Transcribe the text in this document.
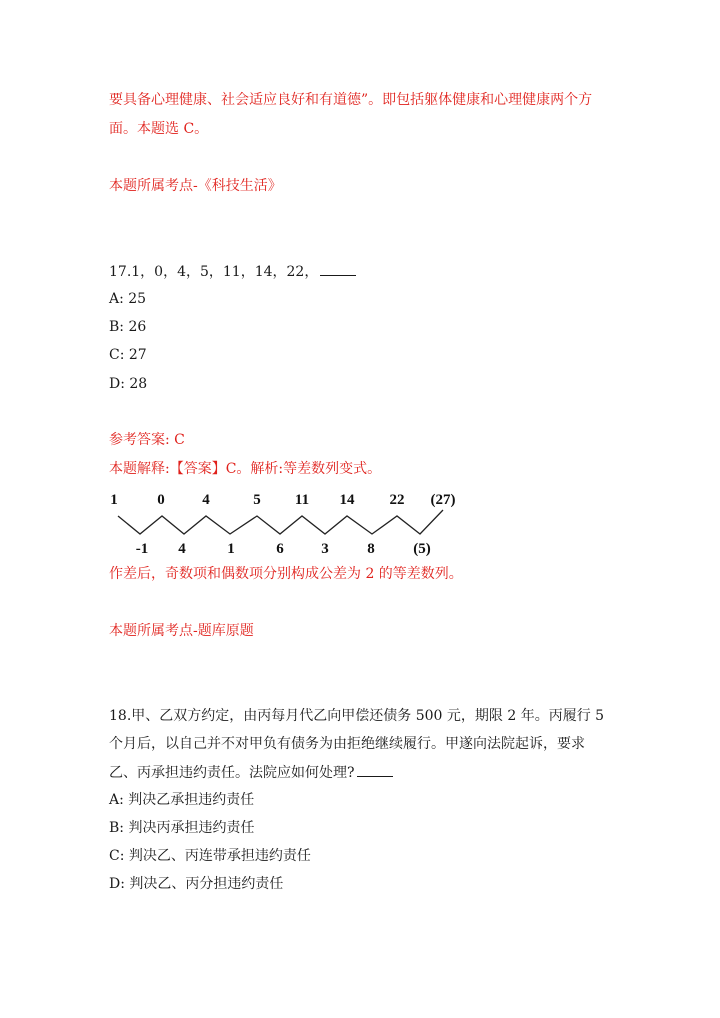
要具备心理健康、社会适应良好和有道德”。即包括躯体健康和心理健康两个方
面。本题选 C。
本题所属考点-《科技生活》
17.1，0，4，5，11，14，22，
A: 25
B: 26
C: 27
D: 28
参考答案: C
本题解释:【答案】C。解析:等差数列变式。
1	0	4	5 11 14 22 (27)
-1 4	1	6	3	8	(5)
作差后，奇数项和偶数项分别构成公差为 2 的等差数列。
本题所属考点-题库原题
18.甲、乙双方约定，由丙每月代乙向甲偿还债务 500 元，期限 2 年。丙履行 5
个月后，以自己并不对甲负有债务为由拒绝继续履行。甲遂向法院起诉，要求
乙、丙承担违约责任。法院应如何处理?
A: 判决乙承担违约责任
B: 判决丙承担违约责任
C: 判决乙、丙连带承担违约责任
D: 判决乙、丙分担违约责任
